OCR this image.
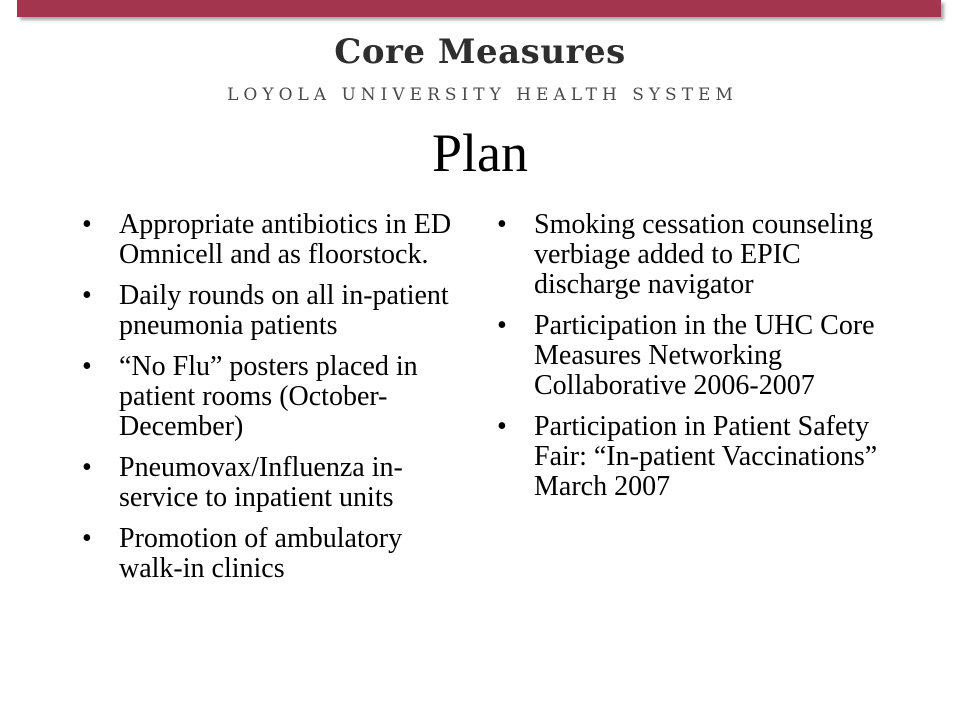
Core Measures
LOYOLA UNIVERSITY HEALTH SYSTEM
Plan
• Appropriate antibiotics in ED Omnicell and as floorstock.
• Daily rounds on all in-patient pneumonia patients
• “No Flu” posters placed in patient rooms (October-December)
• Pneumovax/Influenza in-service to inpatient units
• Promotion of ambulatory walk-in clinics
• Smoking cessation counseling verbiage added to EPIC discharge navigator
• Participation in the UHC Core Measures Networking Collaborative 2006-2007
• Participation in Patient Safety Fair: “In-patient Vaccinations” March 2007
